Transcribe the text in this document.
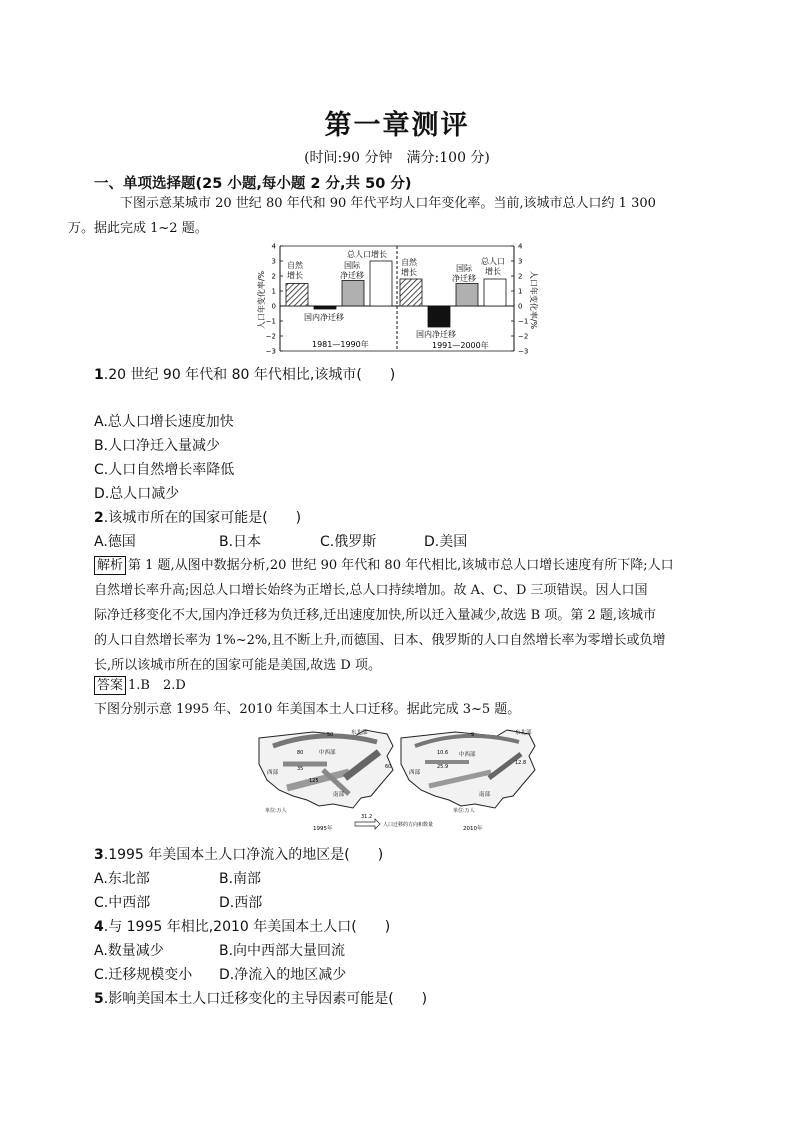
第一章测评
(时间:90 分钟　满分:100 分)
一、单项选择题(25 小题,每小题 2 分,共 50 分)
下图示意某城市 20 世纪 80 年代和 90 年代平均人口年变化率。当前,该城市总人口约 1 300
万。据此完成 1~2 题。
4	4
3	3
2	2
1	1
0	0
−1	−1
−2	−2
−3	−3
人口年变化率/%	人口年变化率/%
自然
增长
国际
净迁移
总人口增长
国内净迁移
1981—1990年
自然
增长	国际
净迁移
总人口
增长
国内净迁移
1991—2000年
1.20 世纪 90 年代和 80 年代相比,该城市(　　)
A.总人口增长速度加快
B.人口净迁入量减少
C.人口自然增长率降低
D.总人口减少
2.该城市所在的国家可能是(　　)
A.德国	B.日本	C.俄罗斯	D.美国
解析 第 1 题,从图中数据分析,20 世纪 90 年代和 80 年代相比,该城市总人口增长速度有所下降;人口
自然增长率升高;因总人口增长始终为正增长,总人口持续增加。故 A、C、D 三项错误。因人口国
际净迁移变化不大,国内净迁移为负迁移,迁出速度加快,所以迁入量减少,故选 B 项。第 2 题,该城市
的人口自然增长率为 1%~2%,且不断上升,而德国、日本、俄罗斯的人口自然增长率为零增长或负增
长,所以该城市所在的国家可能是美国,故选 D 项。
答案 1.B　2.D
下图分别示意 1995 年、2010 年美国本土人口迁移。据此完成 3~5 题。
东北部
中西部
西部
南部
50
80
35
125
60
单位:万人
1995年
东北部
中西部
西部
南部
9
10.6
25.9
12.8
单位:万人
2010年
31.2
人口迁移的方向和数量
3.1995 年美国本土人口净流入的地区是(　　)
A.东北部	B.南部
C.中西部	D.西部
4.与 1995 年相比,2010 年美国本土人口(　　)
A.数量减少	B.向中西部大量回流
C.迁移规模变小 D.净流入的地区减少
5.影响美国本土人口迁移变化的主导因素可能是(　　)
